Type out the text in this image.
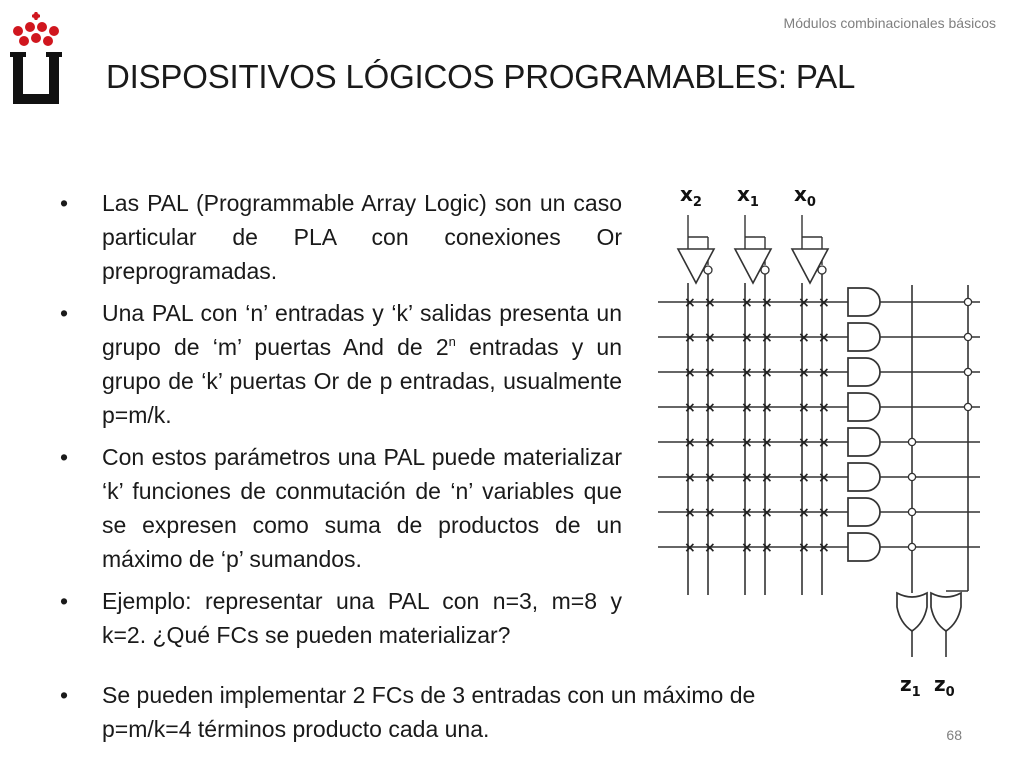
Módulos combinacionales básicos
DISPOSITIVOS LÓGICOS PROGRAMABLES: PAL
• Las PAL (Programmable Array Logic) son un caso particular de PLA con conexiones Or preprogramadas.
• Una PAL con ‘n’ entradas y ‘k’ salidas presenta un grupo de ‘m’ puertas And de 2$^n$ entradas y un grupo de ‘k’ puertas Or de p entradas, usualmente p=m/k.
• Con estos parámetros una PAL puede materializar ‘k’ funciones de conmutación de ‘n’ variables que se expresen como suma de productos de un máximo de ‘p’ sumandos.
• Ejemplo: representar una PAL con n=3, m=8 y k=2. ¿Qué FCs se pueden materializar?
• Se pueden implementar 2 FCs de 3 entradas con un máximo de p=m/k=4 términos producto cada una.
$x_2$ $x_1$ $x_0$
× × × × × ×
× × × × × ×
× × × × × ×
× × × × × ×
× × × × × ×
× × × × × ×
× × × × × ×
× × × × × ×
$z_1$ $z_0$
68
